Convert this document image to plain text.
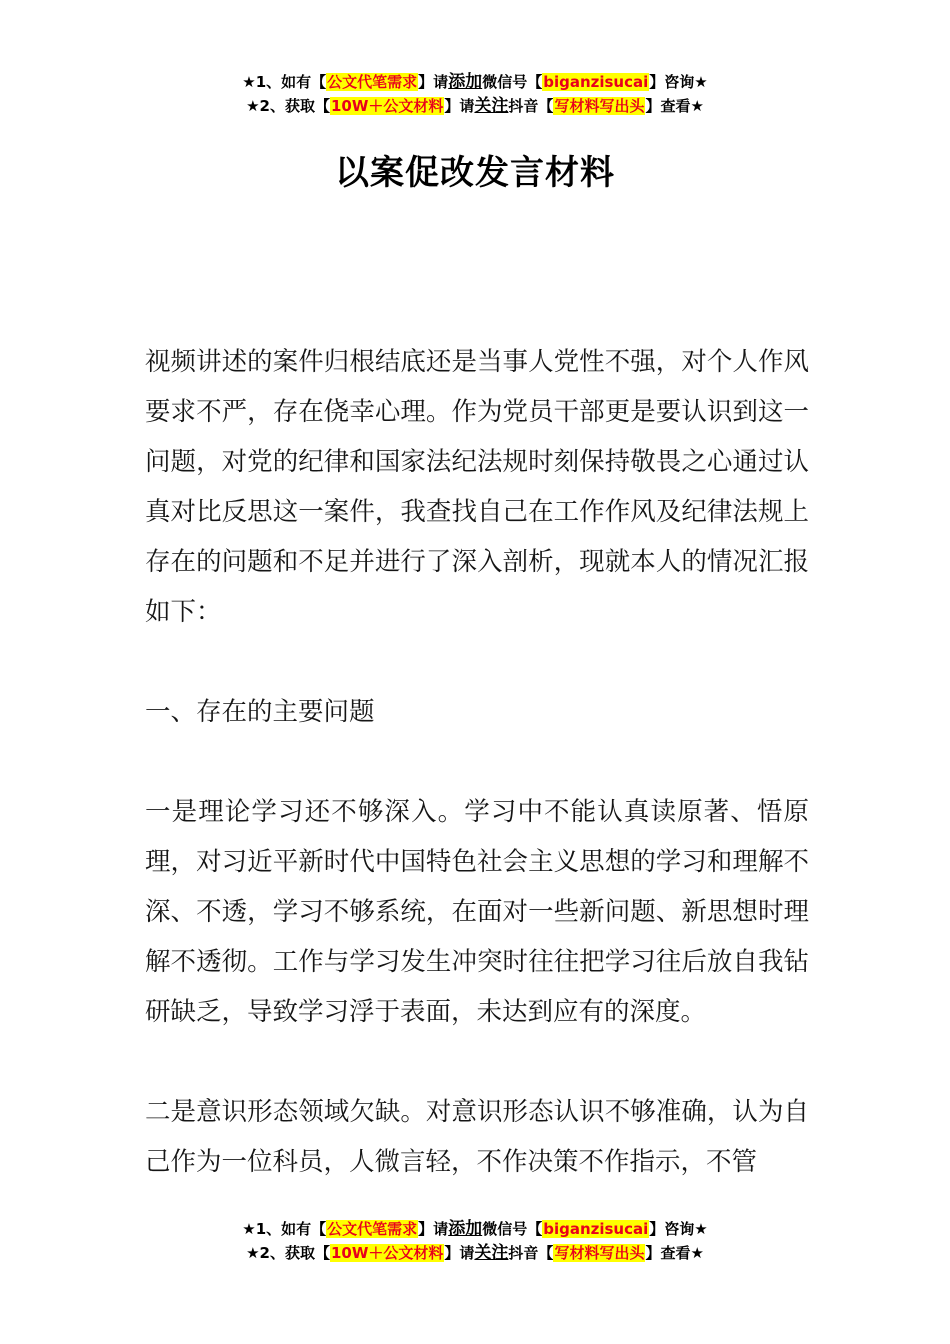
★1、如有【公文代笔需求】请添加微信号【biganzisucai】咨询★
★2、获取【10W＋公文材料】请关注抖音【写材料写出头】查看★
以案促改发言材料

视频讲述的案件归根结底还是当事人党性不强，对个人作风要求不严，存在侥幸心理。作为党员干部更是要认识到这一问题，对党的纪律和国家法纪法规时刻保持敬畏之心通过认真对比反思这一案件，我查找自己在工作作风及纪律法规上存在的问题和不足并进行了深入剖析，现就本人的情况汇报如下：

一、存在的主要问题

一是理论学习还不够深入。学习中不能认真读原著、悟原理，对习近平新时代中国特色社会主义思想的学习和理解不深、不透，学习不够系统，在面对一些新问题、新思想时理解不透彻。工作与学习发生冲突时往往把学习往后放自我钻研缺乏，导致学习浮于表面，未达到应有的深度。

二是意识形态领域欠缺。对意识形态认识不够准确，认为自己作为一位科员，人微言轻，不作决策不作指示，不管

★1、如有【公文代笔需求】请添加微信号【biganzisucai】咨询★
★2、获取【10W＋公文材料】请关注抖音【写材料写出头】查看★
